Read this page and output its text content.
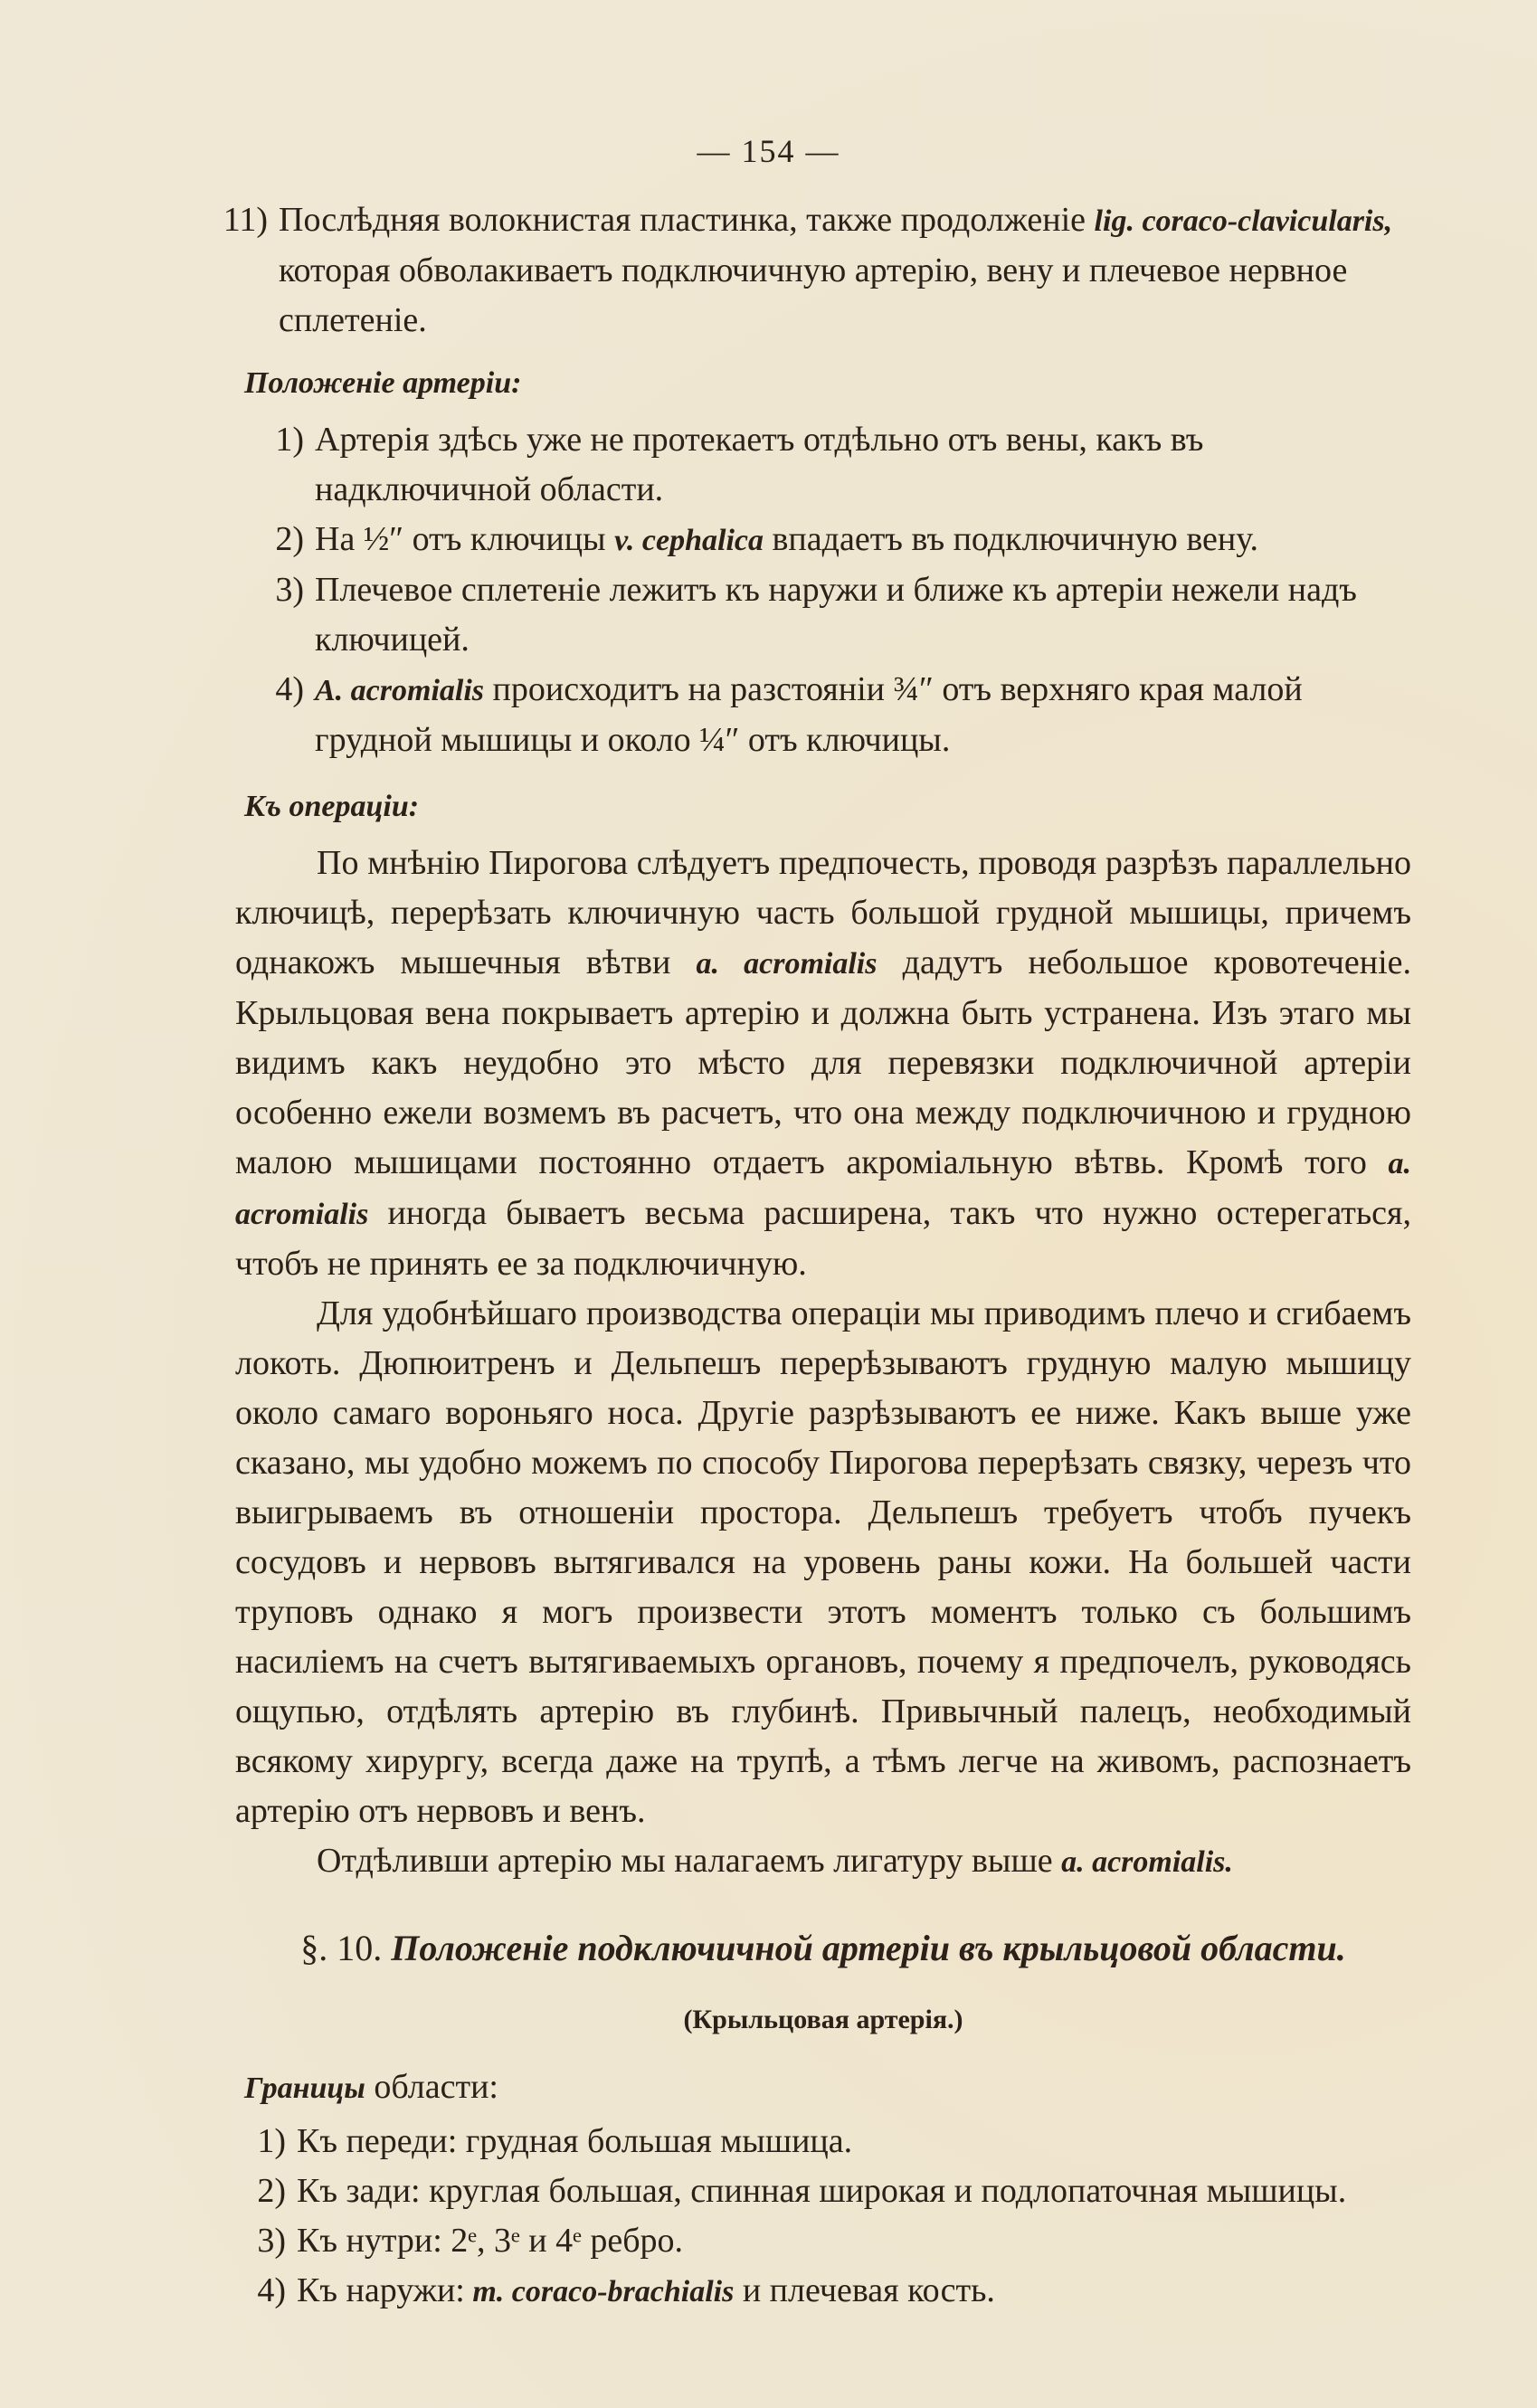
— 154 —
11) Послѣдняя волокнистая пластинка, также продолженіе lig. coraco-clavicularis, которая обволакиваетъ подключичную артерію, вену и плечевое нервное сплетеніе.
Положеніе артеріи:
1) Артерія здѣсь уже не протекаетъ отдѣльно отъ вены, какъ въ надключичной области.
2) На ½″ отъ ключицы v. cephalica впадаетъ въ подключичную вену.
3) Плечевое сплетеніе лежитъ къ наружи и ближе къ артеріи нежели надъ ключицей.
4) A. acromialis происходитъ на разстояніи ¾″ отъ верхняго края малой грудной мышицы и около ¼″ отъ ключицы.
Къ операціи:

По мнѣнію Пирогова слѣдуетъ предпочесть, проводя разрѣзъ параллельно ключицѣ, перерѣзать ключичную часть большой грудной мышицы, причемъ однакожъ мышечныя вѣтви a. acromialis дадутъ небольшое кровотеченіе. Крыльцовая вена покрываетъ артерію и должна быть устранена. Изъ этаго мы видимъ какъ неудобно это мѣсто для перевязки подключичной артеріи особенно ежели возмемъ въ расчетъ, что она между подключичною и грудною малою мышицами постоянно отдаетъ акроміальную вѣтвь. Кромѣ того a. acromialis иногда бываетъ весьма расширена, такъ что нужно остерегаться, чтобъ не принять ее за подключичную.

Для удобнѣйшаго производства операціи мы приводимъ плечо и сгибаемъ локоть. Дюпюитренъ и Дельпешъ перерѣзываютъ грудную малую мышицу около самаго вороньяго носа. Другіе разрѣзываютъ ее ниже. Какъ выше уже сказано, мы удобно можемъ по способу Пирогова перерѣзать связку, черезъ что выигрываемъ въ отношеніи простора. Дельпешъ требуетъ чтобъ пучекъ сосудовъ и нервовъ вытягивался на уровень раны кожи. На большей части труповъ однако я могъ произвести этотъ моментъ только съ большимъ насиліемъ на счетъ вытягиваемыхъ органовъ, почему я предпочелъ, руководясь ощупью, отдѣлять артерію въ глубинѣ. Привычный палецъ, необходимый всякому хирургу, всегда даже на трупѣ, а тѣмъ легче на живомъ, распознаетъ артерію отъ нервовъ и венъ.

Отдѣливши артерію мы налагаемъ лигатуру выше a. acromialis.

§. 10. Положеніе подключичной артеріи въ крыльцовой области.
(Крыльцовая артерія.)
Границы области:
1) Къ переди: грудная большая мышица.
2) Къ зади: круглая большая, спинная широкая и подлопаточная мышицы.
3) Къ нутри: 2ᵉ, 3ᵉ и 4ᵉ ребро.
4) Къ наружи: m. coraco-brachialis и плечевая кость.
